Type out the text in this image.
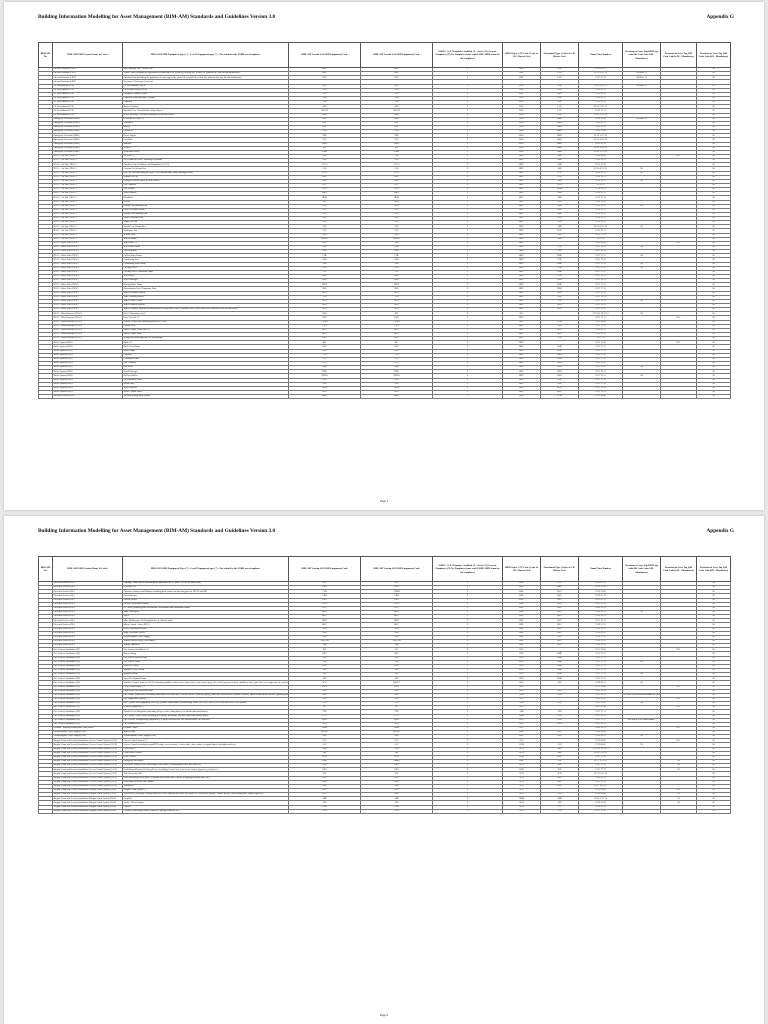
Building Information Modelling for Asset Management (BIM-AM) Standards and Guidelines Version 3.0	Appendix G
BIM-AM No.	BIM-AM ESBD System Name & Codes	BIM-AM ESBD Equipment Type (*) - Level1 Equipment type (*) - Not related to the ESBD asset templates	BIM-AM Version 3.0 ESBD Equipment Code	BIM-AM Version 3.0 ESBD Equipment Code	ESBD / CCE Templates Available (Y - Excel, (O) Generic Templates) (N) No Templates (same with ESBD-AMM team for the templates)	BIM Object CAT Code (Code of CIC Master List)	Functional Type (Codes of CIC Master List)	Omni Class Number	Provision of Asset Tag RFID tag with QR Code Label (M - Mandatory)	Provision of Asset Tag (QR Code Label) (M - Mandatory)	Provision of Asset Tag (QR Code Label)(D - Mandatory)
	Lift and Escalator (LIFT)	Bed Passenger Lift / Service Lift	BPL	BPL	Y	BPL	LAE	23 25 11 11			M
	Lift and Escalator (LIFT)	Vehicle Lifts (including the application for passengers lift, goods lift, hospital lift, vehicle lift, platform lift, stair lift and dumbwaiter)	BLL	BLL	Y	BPL	LAE	23 25 11 11 11	M (Note 1)		M
	Lift and Escalator (LIFT)	Escalator Lifts (including the application for passengers lift, goods lift, hospital lift, vehicle lift, platform lift, stair lift and dumbwaiter)	ESC	ESC	Y	BPL	LAE	23 25 11 11	M (Note 1)		M
	Lift and Escalator (LIFT)	Escalators / Passenger Conveyors									
	LV Switchboard (LVS)	LV Switchboard (Note 2)	LVS	LVS	Y	BLS	LAE	23 29 31 15 11	M (Note 2)		M
	LV Switchboard (LVS)	Air Circuit Breaker (ACB)	ACB	ACB	Y	BLS	LAE	23 29 31 15			M
	LV Switchboard (LVS)	Automatic Transfer Switch	ATS	ATS	Y	BLP	PWC	23 29 35 12			M
	LV Switchboard (LVS)	Capacitor Switching Bank / Module	CSB	CSB	Y	BLS	LAE	23 29 31 11			M
	LV Switchboard (LVS)	Capacitor	CAP	CAP	Y	BLS	LAE	23 29 31 15			M
	LV Switchboard (LVS)	Busbar Trunking	BUS	BUS	Y	BLS	LAE	23 35 21 13 15			M
	LV Switchboard (LVS)	Moulded Case Circuit Breaker (Open Space)	MCCB	MCCB	Y	BLS	LAE	23 29 31 11			M
	LV Switchboard (LVS)	Power Metering / Electricity Management System (EMS)	PMS	PMS	Y	BLS	LAE	23 29 31 15 11			M
	Emergency Generator (EMG)	Generator Set (Note 3)	GEN	EMG	Y	BLG	EMG	23 35 11 00	M (Note 3)		M
	Emergency Generator (EMG)	Alternator	ALT	ALT	Y	BLG	EMG	23 35 11 11			M
	Emergency Generator (EMG)	Battery	BAT	BAT	Y	BLG	EMG	23 35 13 11			M
	Emergency Generator (EMG)	Controller	CTR	CTR	Y	BLG	EMG	23 35 11 00			M
	Emergency Generator (EMG)	Diesel Engine	DIE	DIE	Y	BLG	EMG	23 35 11 13 11			M
	Emergency Generator (EMG)	Fuel Tank	FTA	FTA	Y	BLG	EMG	23 35 11 13 13			M
	Emergency Generator (EMG)	Radiator	RAD	RAD	Y	BLG	EMG	23 35 11 11			M
	Emergency Generator (EMG)	Silencer	SIL	SIL	Y	BLG	EMG	23 35 11 13 15			M
	Emergency Generator (EMG)	Underfloor Rocks	DBB	DBB	Y	BLG	EMG	23 35 27 13 11			M
	HVAC - Air Side (HVAC)	Air Side (*)	ASI	AS	Y	BHV	AHU	23 33 00 00		N/A	M
	HVAC - Air Side (HVAC)	Air Treatment Device, including its spiltairs	ATD	ATD	Y	BHV	AHU	23 33 25 11			M
	HVAC - Air Side (HVAC)	Combined Air Conditioner and Humidifier (CACA)	CACA	CACA	Y	BHV	AHU	23 33 25 19			M
	HVAC - Air Side (HVAC)	Constant Air Volume Box	CAV	CAV	Y	BHV	AHU	23 33 47 13 11	M		M
	HVAC - Air Side (HVAC)	Fan Coil Unit (including split type / VRV outdoor units, single packaged units)	FCU	FCU	Y	BHV	FCU	23 33 23 11	M		M
	HVAC - Air Side (HVAC)	Exhaust Air Fan	EAF	EAF	Y	BHV	FAN	23 33 13 11			M
	HVAC - Air Side (HVAC)	Energy Recovery Unit (e.g. Heat Wheel)	ERU	ERU	Y	BHV	AHU	23 33 29 11	M		M
	HVAC - Air Side (HVAC)	Fan Controller	FCT	FCT	Y	BHV	FAN	23 33 13			M
	HVAC - Air Side (HVAC)	Fire Damper	FDA	FDA	Y	BHV	DAM	23 33 53 13			M
	HVAC - Air Side (HVAC)	Heater Battery	HBA	HBA	Y	BHV	AHU	23 33 21 13			M
	HVAC - Air Side (HVAC)	Humidifier	HUM	HUM	Y	BHV	AHU	23 33 27 11			M
	HVAC - Air Side (HVAC)	Jet Fan	JFA	JFAN	Y	BHV	FAN	23 33 13 15			M
	HVAC - Air Side (HVAC)	Primary Air Handling Unit	PAU	PAU	Y	BHV	AHU	23 33 25 11	M		M
	HVAC - Air Side (HVAC)	Fresh Air Intake Louvre	FAL	FAL	Y	BHV	LOU	23 33 51 11			M
	HVAC - Air Side (HVAC)	Primary Air Handling Unit	PAH	PAH	Y	BHV	AHU	23 33 25 11			M
	HVAC - Air Side (HVAC)	Smoke Extraction Fan	SEF	SEF	Y	BHV	FAN	23 33 13 11			M
	HVAC - Air Side (HVAC)	Supply Air Fan	SAF	SAF	Y	BHV	FAN	23 33 13 11			M
	HVAC - Air Side (HVAC)	Variable Air Volume Box	VAV	VAV	Y	BHV	AHU	23 33 47 13 13	M		M
	HVAC - Air Side (HVAC)	Ventilation Fan	VFA	VFA	Y	BHV	FAN	23 33 13 11			M
	HVAC - Air Side (HVAC)	Section Valve	SVA	SVA	Y	BHV	VAL	23 27 17 13			M
	HVAC - Air Side (HVAC)	Water Radiator	WRAD	WRAD	Y	BHV	AHU	23 27 15			M
	HVAC - Water Side (HVAC)	Water Side (*)	WSI	WS	Y	BHV		23 27 00 00		N/A	M
	HVAC - Water Side (HVAC)	Air-Cooled Chiller	CHL	CHL	Y	BHV	CHI	23 27 19 11	M		M
	HVAC - Water Side (HVAC)	Anti-corrosion	ANC	ANC	Y	BHV	CHE	23 27 19 13			M
	HVAC - Water Side (HVAC)	Chilled Water Pump	CHP	CHP	Y	BHV	PMP	23 27 17 11	M		M
	HVAC - Water Side (HVAC)	Condensing Unit	CDU	CDU	Y	BHV	CHI	23 27 19 15			M
	HVAC - Water Side (HVAC)	Condensing Water Pump	CWP	CWP	Y	BHV	PMP	23 27 17 11	M		M
	HVAC - Water Side (HVAC)	Cooling Tower	CTO	CTO	Y	BHV	CTW	23 27 21 11	M		M
	HVAC - Water Side (HVAC)	Cooling Tower Circulation Pump	CTP	CTP	Y	BHV	PMP	23 27 17 11			M
	HVAC - Water Side (HVAC)	Heat Pump	HPU	HPU	Y	BHV	CHI	23 27 19 17			M
	HVAC - Water Side (HVAC)	Heat Exchanger	HEX	HEX	Y	BHV	HEX	23 27 23 11			M
	HVAC - Water Side (HVAC)	Heating Water Pump	HWP	HWP	Y	BHV	PMP	23 27 17 11			M
	HVAC - Water Side (HVAC)	Pressurisation Unit / Expansion Tank	PUE	PUE	Y	BHV	TNK	23 27 17 15			M
	HVAC - Water Side (HVAC)	Water Treatment System	WTS	WTS	Y	BHV	WTR	23 27 31 11			M
	HVAC - Water Side (HVAC)	Tube Cleaning System	TCS	TCS	Y	BHV	CHE	23 27 19 11			M
	HVAC - Water Side (HVAC)	Water Cooled Chiller	WCH	WCH	Y	BHV	CHI	23 27 19 13	M		M
	HVAC - Water Side (HVAC)	Water Filtration System	WFS	WFS	Y	BHV	WTR	23 27 31 13			M
	HVAC - Water Side (HVAC)	Water Treatment Systems (including those serving chiller water, condenser water / fresh water and condenser water cooling tower)	WTS	WTS	Y	BHV	WTR	23 27 31 11			M
	HVAC - Miscellaneous (HVAC)	HVAC Miscellaneous (*)	MSI	MS	Y	N/A		23 33 31 19 15 13	M		M
	HVAC - Miscellaneous (HVAC)	Flow Detector (*)	FDE	FDE	Y	BHV		23 27 13 11		N/A	M
	HVAC - Miscellaneous (HVAC)	Central Control and Monitoring System (CCMS)	CCMS	CCMS	Y	BHV	CCM	23 27 43 00			M
	HVAC - Miscellaneous (HVAC)	Control Valve	CVA	CVA	Y	BHV	VAL	23 27 17 13			M
	HVAC - Miscellaneous (HVAC)	Motor Control Centre (MCC)	MCC	MCC	Y	BHV	MCC	23 29 31 13			M
	HVAC - Miscellaneous (HVAC)	Motor Control Panel	MCP	MCP	Y	BHV	MCC	23 29 31 13			M
	HVAC - Miscellaneous (HVAC)	Refrigerant (including those for heat pumps)	REF	REF	Y	BHV	CHI	23 27 19			M
	Boiler System (BLR)	Boiler (*)	BLI	BL	Y	BHV		23 27 15 00		N/A	M
	Boiler System (BLR)	Boiler Feed Pump	BFP	BFP	Y	BHV	PMP	23 27 17 11			M
	Boiler System (BLR)	Boiler Pump	BPU	BPU	Y	BHV	PMP	23 27 17 11			M
	Boiler System (BLR)	Calorifier	CAL	CAL	Y	BHV	HEX	23 27 23 13			M
	Boiler System (BLR)	Condensate Tank	CTA	CTA	Y	BHV	TNK	23 27 17 15			M
	Boiler System (BLR)	Flue Chimney	FCH	FCH	Y	BHV	BLR	23 27 15 13			M
	Boiler System (BLR)	Gas Boiler	GBO	GBO	Y	BHV	BLR	23 27 15 11	M		M
	Boiler System (BLR)	Heat Exchanger	HEX	HEX	Y	BHV	HEX	23 27 23 11			M
	Boiler System (BLR)	Oil Fired Boiler	OFBO	OFBO	Y	BHV	BLR	23 27 15 11	M		M
	Boiler System (BLR)	Pressurisation Vessel	PVE	PVE	Y	BHV	TNK	23 27 17 15			M
	Boiler System (BLR)	Steam Valve	SVL	SVL	Y	BHV	VAL	23 27 17 13			M
	Boiler System (BLR)	Water Softener	WSO	WSO	Y	BHV	WTR	23 27 31 13			M
	Boiler System (BLR)	Boiler Control Panel	BCP	BCP	Y	BHV	MCC	23 27 15 11			M
	Electrical Services (EL)	Building Management System	BMS	BMS	Y	BEL	CCM	23 27 43 00			M
Page 1
Building Information Modelling for Asset Management (BIM-AM) Standards and Guidelines Version 3.0	Appendix G
BIM-AM No.	BIM-AM ESBD System Name & Codes	BIM-AM ESBD Equipment Type (*) - Level1 Equipment type (*) - Not related to the ESBD asset templates	BIM-AM Version 3.0 ESBD Equipment Code	BIM-AM Version 3.0 ESBD Equipment Code	ESBD / CCE Templates Available (Y - Excel, (O) Generic Templates) (N) No Templates (same with ESBD-AMM team for the templates)	BIM Object CAT Code (Code of CIC Master List)	Functional Type (Codes of CIC Master List)	Omni Class Number	Provision of Asset Tag RFID tag with QR Code Label (M - Mandatory)	Provision of Asset Tag (QR Code Label) (M - Mandatory)	Provision of Asset Tag (QR Code Label)(D - Mandatory)
	Electrical Services (EL)	Lighting Control System (including the application for LV panel, SLIM, fire and circuit)	LCS	LCS	Y	BEL	LCS	23 29 11 11			M
	Electrical Services (EL)	Generator Set	GEN	GEN	Y	BEL	EMG	23 35 11 00			M
	Electrical Services (EL)	Consumer Analyser and Backup (including those remote for metering panel of PEC-D and DB)	CAB	CTRM	Y	BEL	PWC	23 29 13 00			M
	Electrical Services (EL)	Circuit Breaker	CBR	CBR	Y	BEL	PWC	23 29 31 13			M
	Electrical Services (EL)	Electric Heater	ELH	ELH	Y	BEL	PWC	23 29 11 11			M
	Electrical Services (EL)	Electro-Chlorination System	ECS	ECS	Y	BEL	WTR	23 27 31 15			M
	Electrical Services (EL)	LV Cable (including main switchboard, switchboard and distribution board)	LVC	LVC	Y	BEL	PWC	23 35 21 11			M
	Electrical Services (EL)	Main Switchgear	MSG	MSG	Y	BEL	PWC	23 29 31 11	M		M
	Electrical Services (EL)	Meter	MET	MET	Y	BEL	MET	23 29 13 11			M
	Electrical Services (EL)	Misc. Maintenance Pool Equipment (e.g. chlorine valve)	MPE	MPE	Y	BEL	PWC	23 27 31 11			M
	Electrical Services (EL)	Motor Control Centre (MCC)	MCC	MCC	Y	BEL	MCC	23 29 31 13			M
	Electrical Services (EL)	Power Distribution Board	PDB	PDB	Y	BEL	PWC	23 29 31 11			M
	Electrical Services (EL)	Surge Protection Device	SPD	SPD	Y	BEL	PWC	23 29 31 15			M
	Electrical Services (EL)	Uninterruptible Power Supply	UPS	UPS	Y	BEL	UPS	23 35 17 11			M
	Electrical Services (EL)	Variable Speed Drives (Soft Starter)	VSD / SS	VSD / SS	Y	BEL	MCC	23 29 31 13			M
	Electrical Services (EL)	Voltage Optimiser	VOP	VOP	Y	BEL	PWC	23 29 31 15			M
	Fire Services Installation (FS)	Fire Services Installation (*)	FSI	FS	Y	BFS		23 27 33 00		N/A	M
	Fire Services Installation (FS)	Booster Pump	BPP	BPP	Y	BFS	PMP	23 27 17 11			M
	Fire Services Installation (FS)	Fire Service Jockey Pump	FJP	FJP	Y	BFS	PMP	23 27 17 11			M
	Fire Services Installation (FS)	Fire Service Pump	FSP	FSP	Y	BFS	PMP	23 27 17 11	M		M
	Fire Services Installation (FS)	Hose Reel Pump	HRP	HRP	Y	BFS	PMP	23 27 17 11			M
	Fire Services Installation (FS)	Sprinkler Jockey Pump	SJP	SJP	Y	BFS	PMP	23 27 17 11			M
	Fire Services Installation (FS)	Sprinkler Pump	SPP	SPP	Y	BFS	PMP	23 27 17 11	M		M
	Fire Services Installation (FS)	Street Fire Hydrant Pump	SFP	SFP	Y	BFS	PMP	23 27 17 11			M
	Fire Services Installation (FS)	Sprinkler Control Valve Set (SCV) (including sprinkler control valve, alarm valve, water motor gong, flow switch, pressure switch, subsidiary valve, gate valve, air compressor etc. and the	SCV	SBSCV	Y	BFS	VLV	23 29 33 11	M		M
	Fire Services Installation (FS)	Cross Control Panel (*)	LSCP	LSCP	Y	BFS		23 27 33 00		N/A	M
	Fire Services Installation (FS)	Addressable Fire Detection Panel	AFD	AFD	Y	BFS	FAP	23 27 33 11			M
	Fire Services Installation (FS)	Fire Alarm Control Panel (including addressable fire alarm panel, smoke detector, flashing lighting, alarm bell, heat detector, manual call point, optical beam smoke detector, aspirating sm	FAP	FAP	Y	AEB	ATR	23 27 33 11	M (Note 4) (For room automatic fire dete		M
	Fire Services Installation (FS)	Gas Suppression System (*)	GSS	GSS	Y	N/A		23 27 33 15		N/A	M
	Fire Services Installation (FS)	Gas Cylinder and Suppression Unit (e.g. cylinder, control panel, and discharge nozzle for CO2, FM200, NAF-S-III and Novec 1230 system)	GCS	GCS	Y	AEB	ATR	23 27 33 15	M		M
	Fire Services Installation (FS)	Portable Equipment (*)	PE	PE	Y	N/A		23 27 37 00		N/A	M
	Fire Services Installation (FS)	Portable Fire Extinguisher (including all type of fire extinguishers, fire blanket and sand bucket)	PFE	PFE	Y	AEB	ATR	23 27 37 11			M
	Fire Services Installation (FS)	Fire Curtain Control Panel (including fire curtain, fire shutter, and their associated control panel)	FCC	FCC	Y	AEB	ATR	23 27 33 11			M
	Fire Services Installation (FS)	Fire Detector Extinguishing Equipment (e.g. spray head detector, fire detector hatch, fire detector)	EDN	EDN	Y	BFS	ATR	23 27 17 17	M (Note 4) (For control panel)		M
	Fire Services Installation (FS)	Fire Hydrant/Hose Reel	FHH	FHH	Y	BFS	HYD	23 27 33 13			M
	Gondola / Building Maintenance Unit (BMU)	Gondola / BMU	GBM	GBM	Y	N/A		23 19 23 11		N/A	M
	Uninterruptible Power Supply (UPS)	Battery Bank	BATB	BATB	Y	BEL	UPS	23 29 19 00			M
	Uninterruptible Power Supply (UPS)	Uninterruptible Power Supply (UPS)	UPS	UPS	Y	BEL	UPS	23 29 19 11	M		M
	Burglar Alarm and Security Installation (Access Control System) (ACS)	Access Control System (*)	ACS	ACS	Y	N/A		23 29 00 00		N/A	M
	Burglar Alarm and Security Installation (Access Control System) (ACS)	Access Control (including keypad/PIN, badge, access control, electric strike, door contact, exit push button, breakglass unit etc.)	ACC	ACC	Y	CCM	ACS	23 29 00 00	M		M
	Burglar Alarm and Security Installation (Access Control System) (ACS)	Card Reader	RDR	CAR	Y	SCH	CRD	23 29 13 19 13 13			M
	Burglar Alarm and Security Installation (Access Control System) (ACS)	Card Reader Control	CRC	CRC	Y	SCH	CRD	23 29 13 19 13			M
	Burglar Alarm and Security Installation (Access Control System) (ACS)	Door Contact	DCO	DCO	Y	POR	DRT	23 27 17 11			M
	Burglar Alarm and Security Installation (Access Control System) (ACS)	Emergency Breakglass	EMB	EMBR	Y	BPU	ESI	23 27 17 13 11		M	M
	Burglar Alarm and Security Installation (Access Control System) (ACS)	Electrical Locking Device (including electric strike, electromagnetic lock, bolt lock etc.)	ELD	ELD	Y	SCH	DRT	23 27 17 13		M	M
	Burglar Alarm and Security Installation (Access Control System) (ACS)	Lock/Striker/Electrical Locking Device (including electric lock, door release button, bypass key switch etc.)	LBD	LBD	Y	POR	ESI	23 27 17 11		M	M
	Burglar Alarm and Security Installation (Access Control System) (ACS)	Video Intercom Unit	VIU	VIU	Y	SCH	SCH	23 27 15 13 13			M
	Burglar Alarm and Security Installation (Access Control System) (ACS)	Panel (including control panel, telephone door phone panel, buzzer & lighting indicator panel etc.)	PAN	PAN	Y	SCH	PNL	23 29 33 11			M
	Burglar Alarm and Security Installation (Access Control System) (ACS)	Push Button (Exit/Release Button)	BHR	BHR	Y	SCH	PBT	23 27 17 13			M
	Burglar Alarm and Security Installation (Access Control System) (ACS)	Transmitter	TXR	TXR	Y	SCH	RTD	23 27 19 13 11			M
	Burglar Alarm and Security Installation (Burglar Alarm System) (BAS)	Burglar Alarm System (*)	BAI	BAS	Y	N/A		23 29 13 00		N/A	M
	Burglar Alarm and Security Installation (Burglar Alarm System) (BAS)	Accessories (including: Security alarm bell, video cameras and video door phone etc. intercom telephone, volume speaker, alarm transformer, banner light etc.)	ACC	ARE	Y	SCH	ASS	23 29 00 00		M	M
	Burglar Alarm and Security Installation (Burglar Alarm System) (BAS)	Amplifier	AMP	AMP	Y	CMM	AMP	23 29 17 11 13		M	M
	Burglar Alarm and Security Installation (Burglar Alarm System) (BAS)	Audio / Video Position	AVP	AVP	Y	SCH	AVP	23 29 17 00		M	M
	Burglar Alarm and Security Installation (Burglar Alarm System) (BAS)	Camera	CAM	CAM	Y	SCH	CCT	23 29 15 11			M
	Burglar Alarm and Security Installation (Burglar Alarm System) (BAS)	Controller (including volume controller, lighting controller etc.)	CTR	CTR	Y	SCH	CTR	23 27 15 13			M
Page 2
